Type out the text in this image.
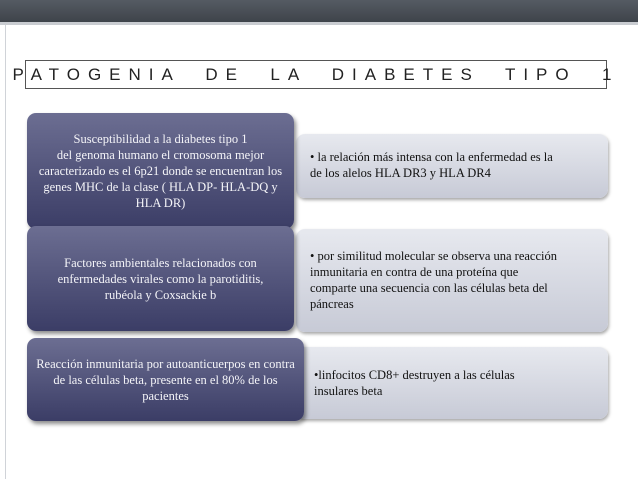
PATOGENIA  DE  LA  DIABETES  TIPO  1
• la relación más intensa con la enfermedad es la
de los alelos HLA DR3 y HLA DR4
Susceptibilidad a la diabetes tipo 1
del genoma humano el cromosoma mejor caracterizado es el 6p21 donde se encuentran los genes MHC de la clase ( HLA DP- HLA-DQ y HLA DR)
• por similitud molecular se observa una reacción
inmunitaria en contra de una proteína que
comparte una secuencia con las células beta del
páncreas
Factores ambientales relacionados con enfermedades virales como la parotiditis, rubéola y Coxsackie b
•linfocitos CD8+ destruyen a las células
insulares beta
Reacción inmunitaria por autoanticuerpos en contra de las células beta, presente en el 80% de los pacientes
